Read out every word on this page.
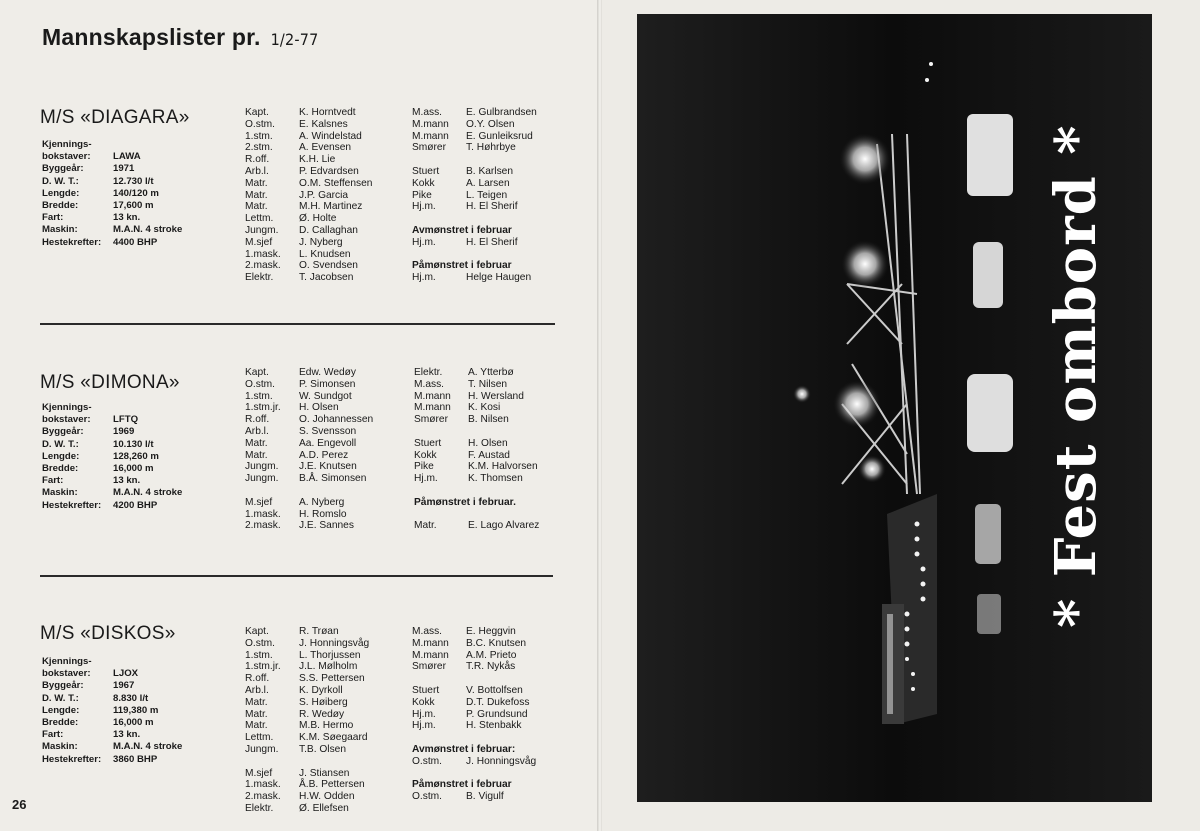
Mannskapslister pr. 1/2-77
M/S «DIAGARA»
Kjennings-
bokstaver:	LAWA
Byggeår:	1971
D. W. T.:	12.730 l/t
Lengde:	140/120 m
Bredde:	17,600 m
Fart:	13 kn.
Maskin:	M.A.N. 4 stroke
Hestekrefter:	4400 BHP
Kapt.	K. Horntvedt
O.stm.	E. Kalsnes
1.stm.	A. Windelstad
2.stm.	A. Evensen
R.off.	K.H. Lie
Arb.l.	P. Edvardsen
Matr.	O.M. Steffensen
Matr.	J.P. Garcia
Matr.	M.H. Martinez
Lettm.	Ø. Holte
Jungm.	D. Callaghan
M.sjef	J. Nyberg
1.mask.	L. Knudsen
2.mask.	O. Svendsen
Elektr.	T. Jacobsen
M.ass.	E. Gulbrandsen
M.mann	O.Y. Olsen
M.mann	E. Gunleiksrud
Smører	T. Høhrbye
Stuert	B. Karlsen
Kokk	A. Larsen
Pike	L. Teigen
Hj.m.	H. El Sherif
Avmønstret i februar
Hj.m.	H. El Sherif
Påmønstret i februar
Hj.m.	Helge Haugen
M/S «DIMONA»
Kjennings-
bokstaver:	LFTQ
Byggeår:	1969
D. W. T.:	10.130 l/t
Lengde:	128,260 m
Bredde:	16,000 m
Fart:	13 kn.
Maskin:	M.A.N. 4 stroke
Hestekrefter:	4200 BHP
Kapt.	Edw. Wedøy
O.stm.	P. Simonsen
1.stm.	W. Sundgot
1.stm.jr.	H. Olsen
R.off.	O. Johannessen
Arb.l.	S. Svensson
Matr.	Aa. Engevoll
Matr.	A.D. Perez
Jungm.	J.E. Knutsen
Jungm.	B.Å. Simonsen
M.sjef	A. Nyberg
1.mask.	H. Romslo
2.mask.	J.E. Sannes
Elektr.	A. Ytterbø
M.ass.	T. Nilsen
M.mann	H. Wersland
M.mann	K. Kosi
Smører	B. Nilsen
Stuert	H. Olsen
Kokk	F. Austad
Pike	K.M. Halvorsen
Hj.m.	K. Thomsen
Påmønstret i februar.
Matr.	E. Lago Alvarez
M/S «DISKOS»
Kjennings-
bokstaver:	LJOX
Byggeår:	1967
D. W. T.:	8.830 l/t
Lengde:	119,380 m
Bredde:	16,000 m
Fart:	13 kn.
Maskin:	M.A.N. 4 stroke
Hestekrefter:	3860 BHP
Kapt.	R. Trøan
O.stm.	J. Honningsvåg
1.stm.	L. Thorjussen
1.stm.jr.	J.L. Mølholm
R.off.	S.S. Pettersen
Arb.l.	K. Dyrkoll
Matr.	S. Høiberg
Matr.	R. Wedøy
Matr.	M.B. Hermo
Lettm.	K.M. Søegaard
Jungm.	T.B. Olsen
M.sjef	J. Stiansen
1.mask.	Å.B. Pettersen
2.mask.	H.W. Odden
Elektr.	Ø. Ellefsen
M.ass.	E. Heggvin
M.mann	B.C. Knutsen
M.mann	A.M. Prieto
Smører	T.R. Nykås
Stuert	V. Bottolfsen
Kokk	D.T. Dukefoss
Hj.m.	P. Grundsund
Hj.m.	H. Stenbakk
Avmønstret i februar:
O.stm.	J. Honningsvåg
Påmønstret i februar
O.stm.	B. Vigulf
26
* Fest ombord *
